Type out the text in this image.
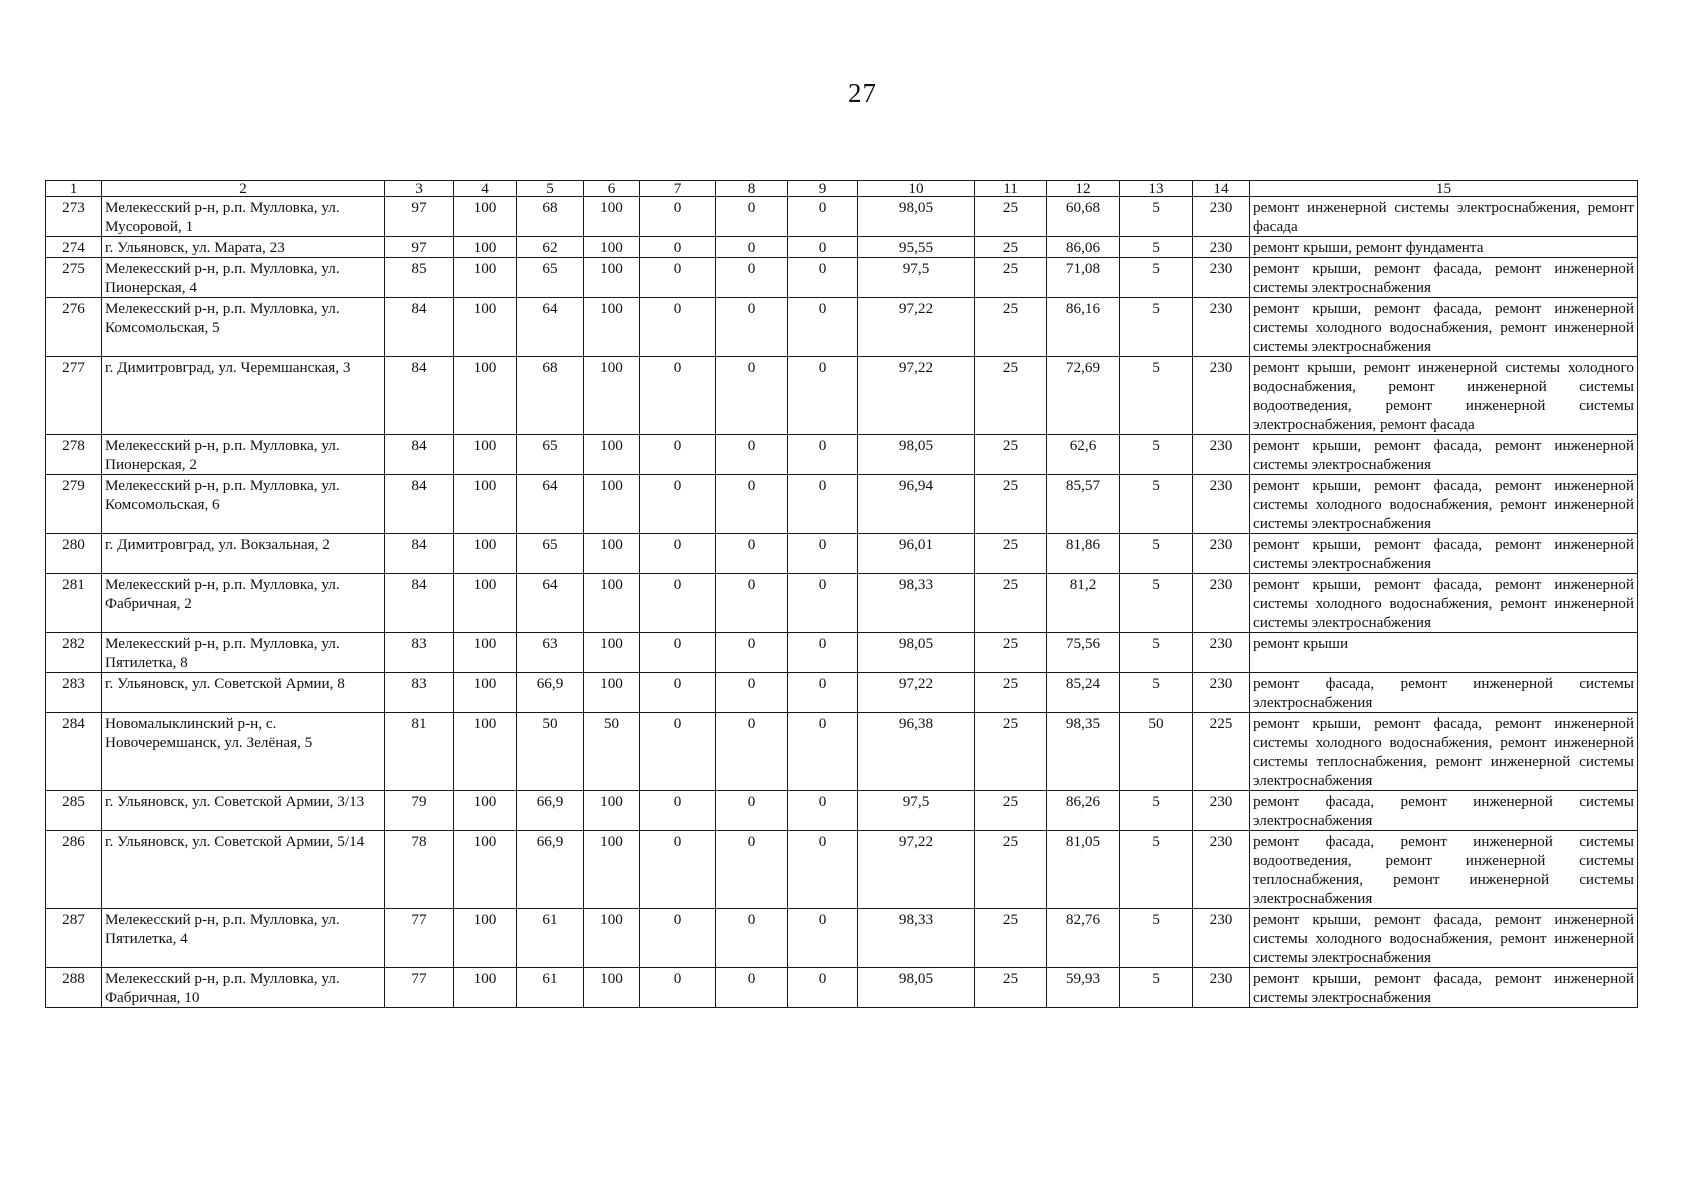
27
1	2	3	4	5	6	7	8	9	10	11	12	13	14	15
273	Мелекесский р-н, р.п. Мулловка, ул. Мусоровой, 1	97	100	68	100	0	0	0	98,05	25	60,68	5	230	ремонт инженерной системы электроснабжения, ремонт фасада
274	г. Ульяновск, ул. Марата, 23	97	100	62	100	0	0	0	95,55	25	86,06	5	230	ремонт крыши, ремонт фундамента
275	Мелекесский р-н, р.п. Мулловка, ул. Пионерская, 4	85	100	65	100	0	0	0	97,5	25	71,08	5	230	ремонт крыши, ремонт фасада, ремонт инженерной системы электроснабжения
276	Мелекесский р-н, р.п. Мулловка, ул. Комсомольская, 5	84	100	64	100	0	0	0	97,22	25	86,16	5	230	ремонт крыши, ремонт фасада, ремонт инженерной системы холодного водоснабжения, ремонт инженерной системы электроснабжения
277	г. Димитровград, ул. Черемшанская, 3	84	100	68	100	0	0	0	97,22	25	72,69	5	230	ремонт крыши, ремонт инженерной системы холодного водоснабжения, ремонт инженерной системы водоотведения, ремонт инженерной системы электроснабжения, ремонт фасада
278	Мелекесский р-н, р.п. Мулловка, ул. Пионерская, 2	84	100	65	100	0	0	0	98,05	25	62,6	5	230	ремонт крыши, ремонт фасада, ремонт инженерной системы электроснабжения
279	Мелекесский р-н, р.п. Мулловка, ул. Комсомольская, 6	84	100	64	100	0	0	0	96,94	25	85,57	5	230	ремонт крыши, ремонт фасада, ремонт инженерной системы холодного водоснабжения, ремонт инженерной системы электроснабжения
280	г. Димитровград, ул. Вокзальная, 2	84	100	65	100	0	0	0	96,01	25	81,86	5	230	ремонт крыши, ремонт фасада, ремонт инженерной системы электроснабжения
281	Мелекесский р-н, р.п. Мулловка, ул. Фабричная, 2	84	100	64	100	0	0	0	98,33	25	81,2	5	230	ремонт крыши, ремонт фасада, ремонт инженерной системы холодного водоснабжения, ремонт инженерной системы электроснабжения
282	Мелекесский р-н, р.п. Мулловка, ул. Пятилетка, 8	83	100	63	100	0	0	0	98,05	25	75,56	5	230	ремонт крыши
283	г. Ульяновск, ул. Советской Армии, 8	83	100	66,9	100	0	0	0	97,22	25	85,24	5	230	ремонт фасада, ремонт инженерной системы электроснабжения
284	Новомалыклинский р-н, с. Новочеремшанск, ул. Зелёная, 5	81	100	50	50	0	0	0	96,38	25	98,35	50	225	ремонт крыши, ремонт фасада, ремонт инженерной системы холодного водоснабжения, ремонт инженерной системы теплоснабжения, ремонт инженерной системы электроснабжения
285	г. Ульяновск, ул. Советской Армии, 3/13	79	100	66,9	100	0	0	0	97,5	25	86,26	5	230	ремонт фасада, ремонт инженерной системы электроснабжения
286	г. Ульяновск, ул. Советской Армии, 5/14	78	100	66,9	100	0	0	0	97,22	25	81,05	5	230	ремонт фасада, ремонт инженерной системы водоотведения, ремонт инженерной системы теплоснабжения, ремонт инженерной системы электроснабжения
287	Мелекесский р-н, р.п. Мулловка, ул. Пятилетка, 4	77	100	61	100	0	0	0	98,33	25	82,76	5	230	ремонт крыши, ремонт фасада, ремонт инженерной системы холодного водоснабжения, ремонт инженерной системы электроснабжения
288	Мелекесский р-н, р.п. Мулловка, ул. Фабричная, 10	77	100	61	100	0	0	0	98,05	25	59,93	5	230	ремонт крыши, ремонт фасада, ремонт инженерной системы электроснабжения
